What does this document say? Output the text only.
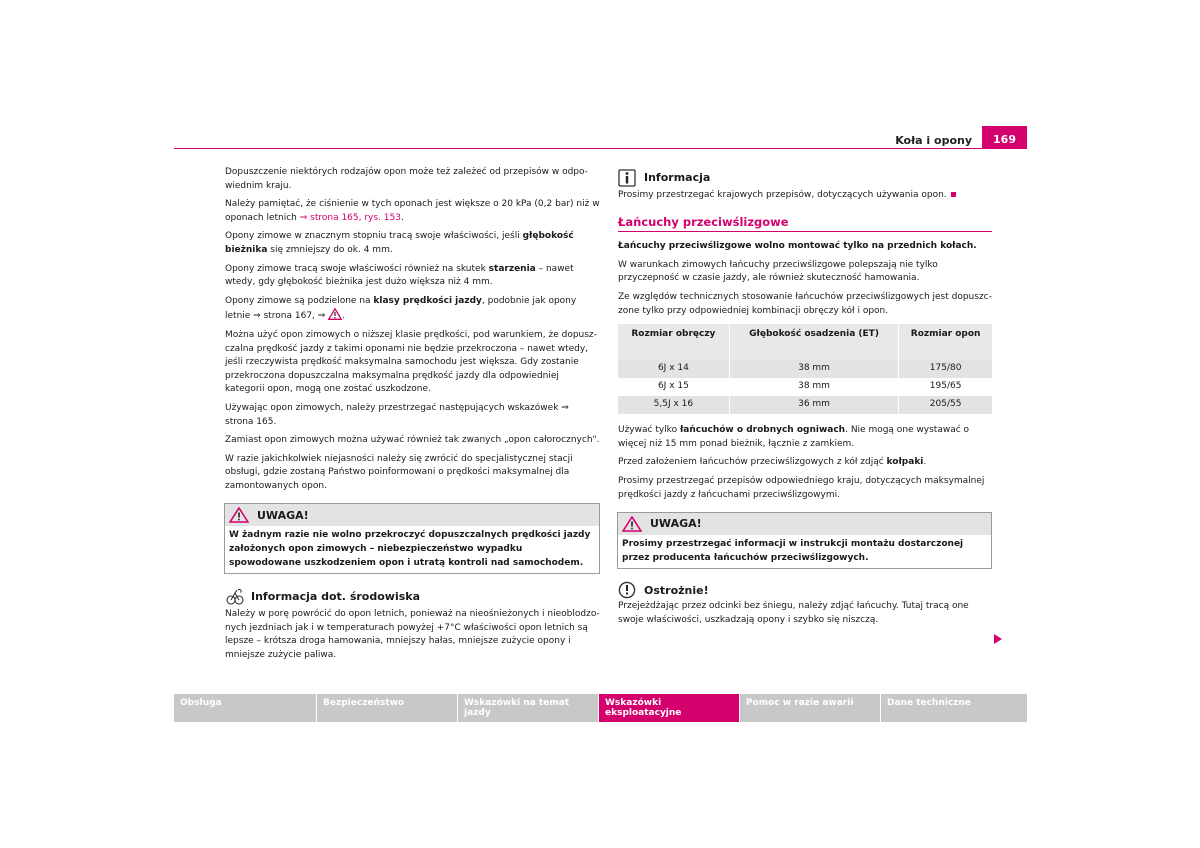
Koła i opony	169

Dopuszczenie niektórych rodzajów opon może też zależeć od przepisów w odpowiednim kraju.

Należy pamiętać, że ciśnienie w tych oponach jest większe o 20 kPa (0,2 bar) niż w oponach letnich ⇒ strona 165, rys. 153.

Opony zimowe w znacznym stopniu tracą swoje właściwości, jeśli głębokość bieżnika się zmniejszy do ok. 4 mm.

Opony zimowe tracą swoje właściwości również na skutek starzenia – nawet wtedy, gdy głębokość bieżnika jest dużo większa niż 4 mm.

Opony zimowe są podzielone na klasy prędkości jazdy, podobnie jak opony letnie ⇒ strona 167, ⇒ .

Można użyć opon zimowych o niższej klasie prędkości, pod warunkiem, że dopuszczalna prędkość jazdy z takimi oponami nie będzie przekroczona – nawet wtedy, jeśli rzeczywista prędkość maksymalna samochodu jest większa. Gdy zostanie przekroczona dopuszczalna maksymalna prędkość jazdy dla odpowiedniej kategorii opon, mogą one zostać uszkodzone.

Używając opon zimowych, należy przestrzegać następujących wskazówek ⇒ strona 165.

Zamiast opon zimowych można używać również tak zwanych „opon całorocznych".

W razie jakichkolwiek niejasności należy się zwrócić do specjalistycznej stacji obsługi, gdzie zostaną Państwo poinformowani o prędkości maksymalnej dla zamontowanych opon.

UWAGA!
W żadnym razie nie wolno przekroczyć dopuszczalnych prędkości jazdy założonych opon zimowych – niebezpieczeństwo wypadku spowodowane uszkodzeniem opon i utratą kontroli nad samochodem.
Informacja dot. środowiska

Należy w porę powrócić do opon letnich, ponieważ na nieośnieżonych i nieoblodzonych jezdniach jak i w temperaturach powyżej +7°C właściwości opon letnich są lepsze – krótsza droga hamowania, mniejszy hałas, mniejsze zużycie opony i mniejsze zużycie paliwa.

Informacja

Prosimy przestrzegać krajowych przepisów, dotyczących używania opon.

Łańcuchy przeciwślizgowe

Łańcuchy przeciwślizgowe wolno montować tylko na przednich kołach.

W warunkach zimowych łańcuchy przeciwślizgowe polepszają nie tylko przyczepność w czasie jazdy, ale również skuteczność hamowania.

Ze względów technicznych stosowanie łańcuchów przeciwślizgowych jest dopuszczone tylko przy odpowiedniej kombinacji obręczy kół i opon.

Rozmiar obręczy	Głębokość osadzenia (ET)	Rozmiar opon
6J x 14	38 mm	175/80
6J x 15	38 mm	195/65
5,5J x 16	36 mm	205/55

Używać tylko łańcuchów o drobnych ogniwach. Nie mogą one wystawać o więcej niż 15 mm ponad bieżnik, łącznie z zamkiem.

Przed założeniem łańcuchów przeciwślizgowych z kół zdjąć kołpaki.

Prosimy przestrzegać przepisów odpowiedniego kraju, dotyczących maksymalnej prędkości jazdy z łańcuchami przeciwślizgowymi.

UWAGA!
Prosimy przestrzegać informacji w instrukcji montażu dostarczonej przez producenta łańcuchów przeciwślizgowych.
Ostrożnie!

Przejeżdżając przez odcinki bez śniegu, należy zdjąć łańcuchy. Tutaj tracą one swoje właściwości, uszkadzają opony i szybko się niszczą.

Obsługa	Bezpieczeństwo	Wskazówki na temat jazdy
Wskazówki eksploatacyjne
Pomoc w razie awarii	Dane techniczne
